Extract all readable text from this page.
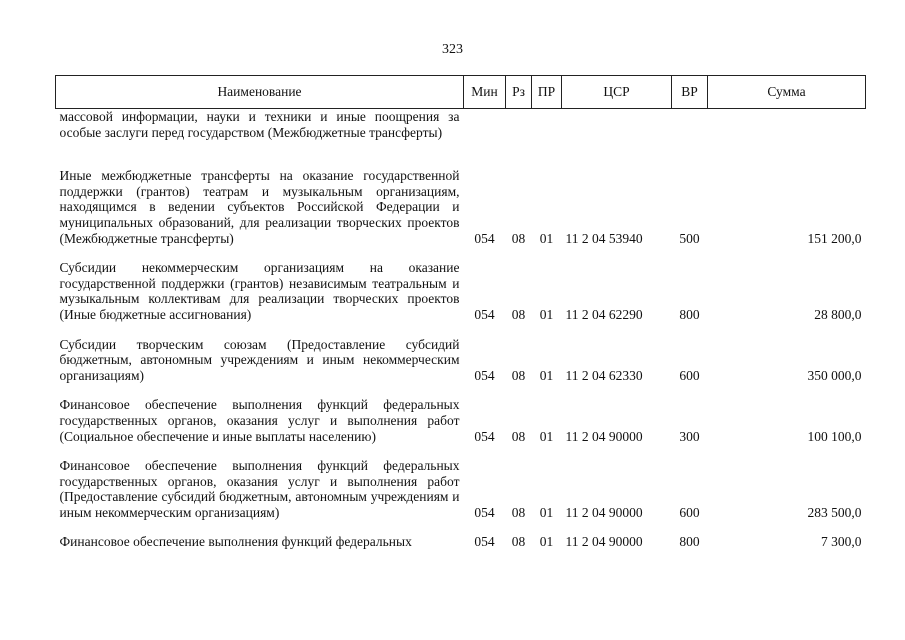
323
Наименование	Мин	Рз	ПР	ЦСР	ВР	Сумма
массовой информации, науки и техники и иные поощрения за особые заслуги перед государством (Межбюджетные трансферты)						
Иные межбюджетные трансферты на оказание государственной поддержки (грантов) театрам и музыкальным организациям, находящимся в ведении субъектов Российской Федерации и муниципальных образований, для реализации творческих проектов (Межбюджетные трансферты)	054	08	01	11 2 04 53940	500	151 200,0
Субсидии некоммерческим организациям на оказание государственной поддержки (грантов) независимым театральным и музыкальным коллективам для реализации творческих проектов (Иные бюджетные ассигнования)	054	08	01	11 2 04 62290	800	28 800,0
Субсидии творческим союзам (Предоставление субсидий бюджетным, автономным учреждениям и иным некоммерческим организациям)	054	08	01	11 2 04 62330	600	350 000,0
Финансовое обеспечение выполнения функций федеральных государственных органов, оказания услуг и выполнения работ (Социальное обеспечение и иные выплаты населению)	054	08	01	11 2 04 90000	300	100 100,0
Финансовое обеспечение выполнения функций федеральных государственных органов, оказания услуг и выполнения работ (Предоставление субсидий бюджетным, автономным учреждениям и иным некоммерческим организациям)	054	08	01	11 2 04 90000	600	283 500,0
Финансовое обеспечение выполнения функций федеральных	054	08	01	11 2 04 90000	800	7 300,0
